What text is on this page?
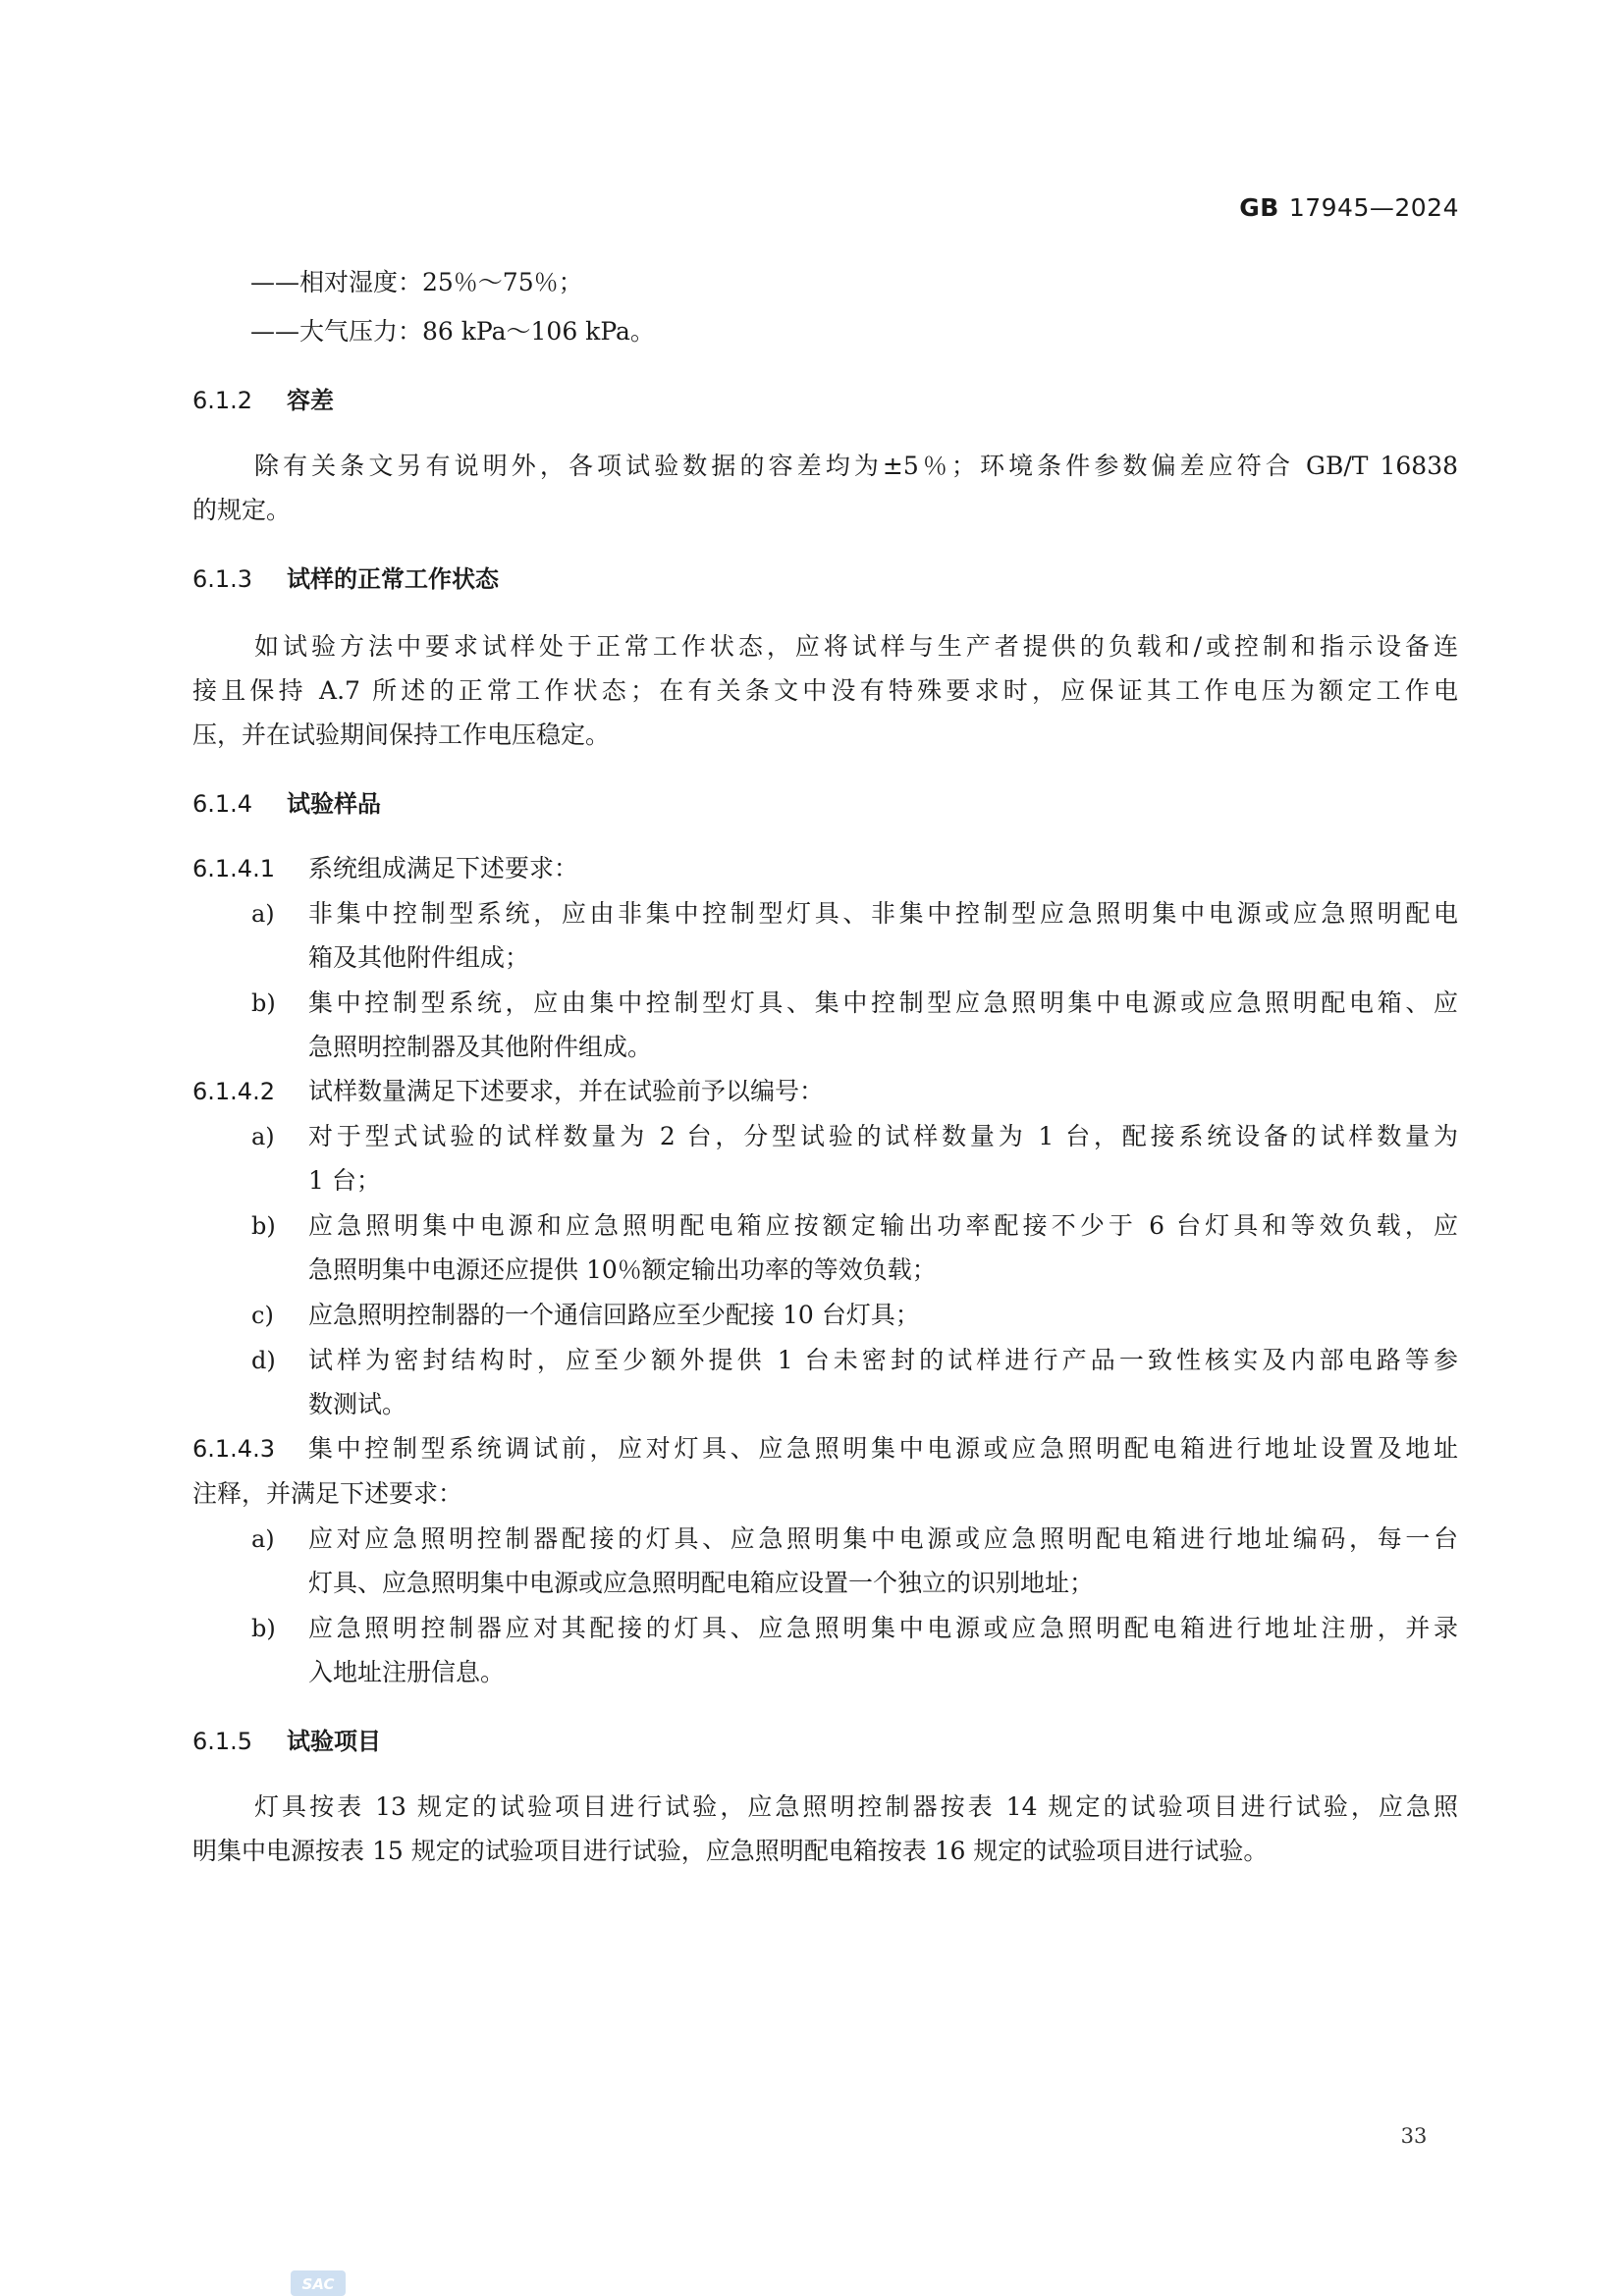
GB 17945—2024
——相对湿度：25％～75％；
——大气压力：86 kPa～106 kPa。
6.1.2 容差
除有关条文另有说明外，各项试验数据的容差均为±5％；环境条件参数偏差应符合 GB/T 16838
的规定。
6.1.3 试样的正常工作状态
如试验方法中要求试样处于正常工作状态，应将试样与生产者提供的负载和/或控制和指示设备连
接且保持 A.7 所述的正常工作状态；在有关条文中没有特殊要求时，应保证其工作电压为额定工作电
压，并在试验期间保持工作电压稳定。
6.1.4 试验样品
6.1.4.1 系统组成满足下述要求：
a) 非集中控制型系统，应由非集中控制型灯具、非集中控制型应急照明集中电源或应急照明配电
箱及其他附件组成；
b) 集中控制型系统，应由集中控制型灯具、集中控制型应急照明集中电源或应急照明配电箱、应
急照明控制器及其他附件组成。
6.1.4.2 试样数量满足下述要求，并在试验前予以编号：
a) 对于型式试验的试样数量为 2 台，分型试验的试样数量为 1 台，配接系统设备的试样数量为
1 台；
b) 应急照明集中电源和应急照明配电箱应按额定输出功率配接不少于 6 台灯具和等效负载，应
急照明集中电源还应提供 10％额定输出功率的等效负载；
c) 应急照明控制器的一个通信回路应至少配接 10 台灯具；
d) 试样为密封结构时，应至少额外提供 1 台未密封的试样进行产品一致性核实及内部电路等参
数测试。
6.1.4.3 集中控制型系统调试前，应对灯具、应急照明集中电源或应急照明配电箱进行地址设置及地址
注释，并满足下述要求：
a) 应对应急照明控制器配接的灯具、应急照明集中电源或应急照明配电箱进行地址编码，每一台
灯具、应急照明集中电源或应急照明配电箱应设置一个独立的识别地址；
b) 应急照明控制器应对其配接的灯具、应急照明集中电源或应急照明配电箱进行地址注册，并录
入地址注册信息。
6.1.5 试验项目
灯具按表 13 规定的试验项目进行试验，应急照明控制器按表 14 规定的试验项目进行试验，应急照
明集中电源按表 15 规定的试验项目进行试验，应急照明配电箱按表 16 规定的试验项目进行试验。
33
SAC
